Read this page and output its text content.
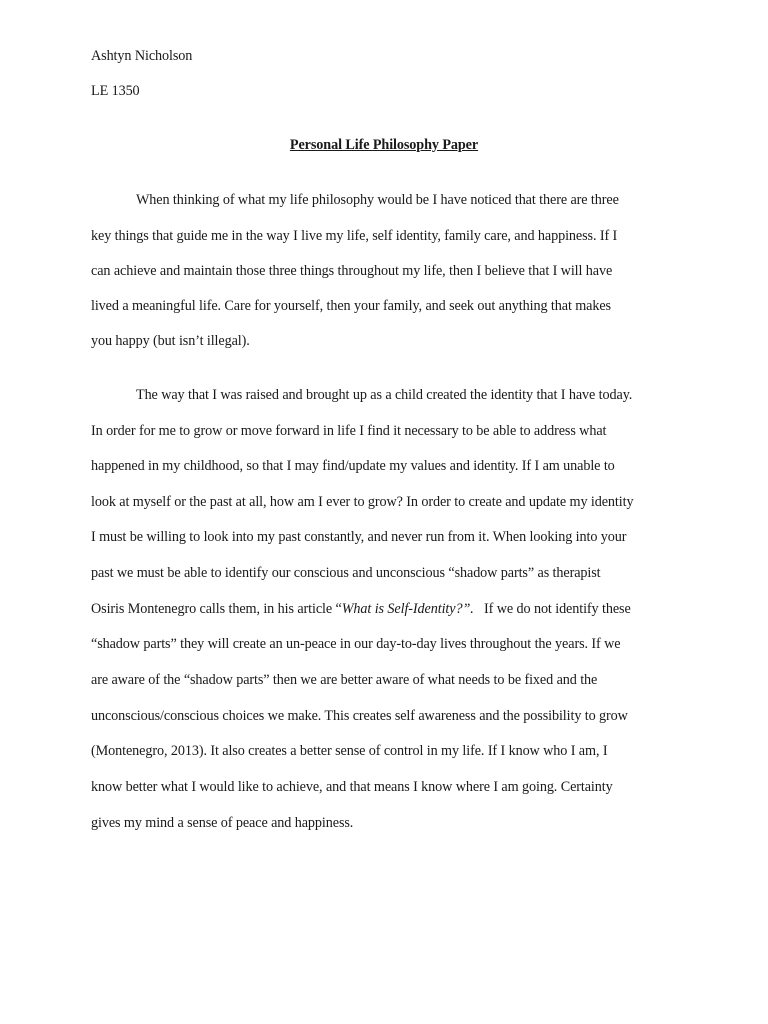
Ashtyn Nicholson

LE 1350

Personal Life Philosophy Paper

When thinking of what my life philosophy would be I have noticed that there are three

key things that guide me in the way I live my life, self identity, family care, and happiness. If I

can achieve and maintain those three things throughout my life, then I believe that I will have

lived a meaningful life. Care for yourself, then your family, and seek out anything that makes

you happy (but isn’t illegal).

The way that I was raised and brought up as a child created the identity that I have today.

In order for me to grow or move forward in life I find it necessary to be able to address what

happened in my childhood, so that I may find/update my values and identity. If I am unable to

look at myself or the past at all, how am I ever to grow? In order to create and update my identity

I must be willing to look into my past constantly, and never run from it. When looking into your

past we must be able to identify our conscious and unconscious “shadow parts” as therapist

Osiris Montenegro calls them, in his article “What is Self-Identity?”.   If we do not identify these

“shadow parts” they will create an un-peace in our day-to-day lives throughout the years. If we

are aware of the “shadow parts” then we are better aware of what needs to be fixed and the

unconscious/conscious choices we make. This creates self awareness and the possibility to grow

(Montenegro, 2013). It also creates a better sense of control in my life. If I know who I am, I

know better what I would like to achieve, and that means I know where I am going. Certainty

gives my mind a sense of peace and happiness.
